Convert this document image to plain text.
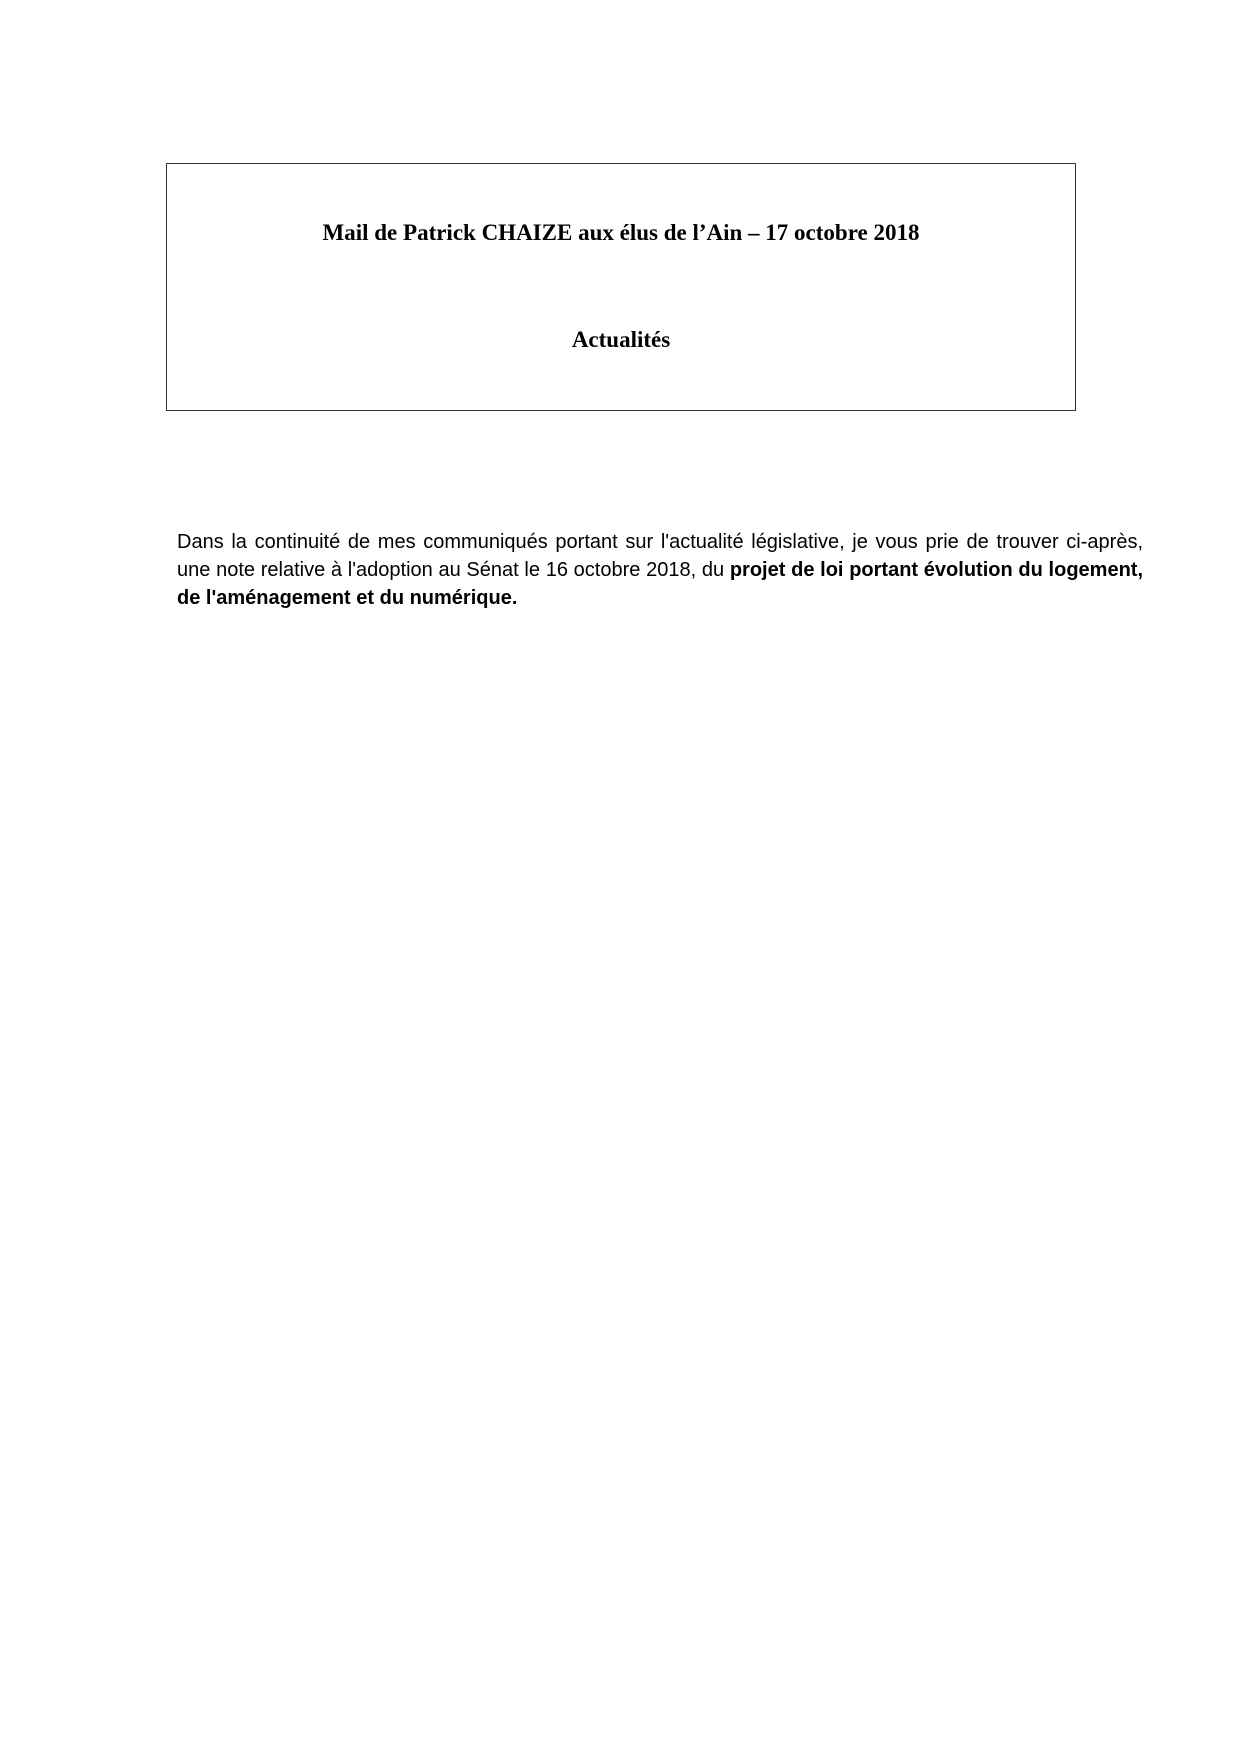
Mail de Patrick CHAIZE aux élus de l’Ain – 17 octobre 2018
Actualités

Dans la continuité de mes communiqués portant sur l'actualité législative, je vous prie de trouver ci-après, une note relative à l'adoption au Sénat le 16 octobre 2018, du projet de loi portant évolution du logement, de l'aménagement et du numérique.
